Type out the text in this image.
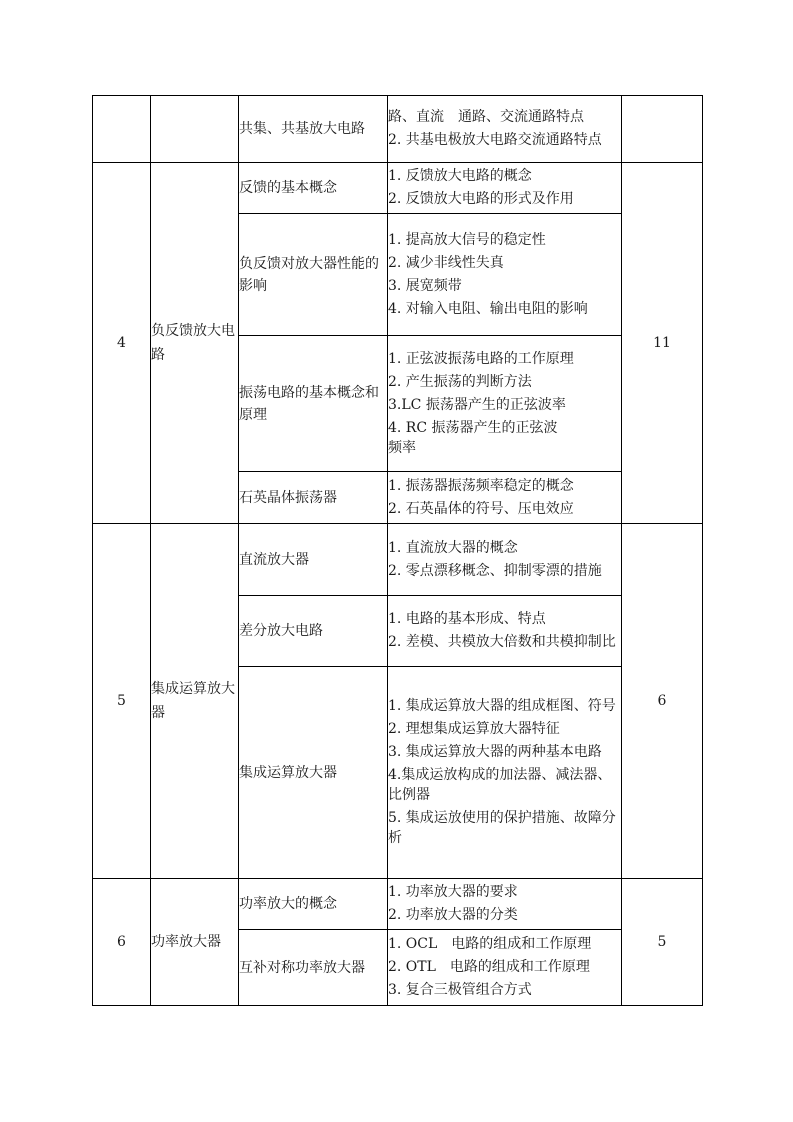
		共集、共基放大电路	路、直流　通路、交流通路特点

2. 共基电极放大电路交流通路特点	

4	负反馈放大电路	反馈的基本概念	1. 反馈放大电路的概念

2. 反馈放大电路的形式及作用	11
		负反馈对放大器性能的影响	1. 提高放大信号的稳定性

2. 减少非线性失真

3. 展宽频带

4. 对输入电阻、输出电阻的影响	

		振荡电路的基本概念和原理	1. 正弦波振荡电路的工作原理

2. 产生振荡的判断方法

3.LC 振荡器产生的正弦波率

4. RC 振荡器产生的正弦波频率	

		石英晶体振荡器	1. 振荡器振荡频率稳定的概念

2. 石英晶体的符号、压电效应	

5	集成运算放大器	直流放大器	1. 直流放大器的概念

2. 零点漂移概念、抑制零漂的措施	6
		差分放大电路	1. 电路的基本形成、特点

2. 差模、共模放大倍数和共模抑制比	

		集成运算放大器	1. 集成运算放大器的组成框图、符号

2. 理想集成运算放大器特征

3. 集成运算放大器的两种基本电路

4.集成运放构成的加法器、减法器、 比例器

5. 集成运放使用的保护措施、故障分　析	

6	功率放大器	功率放大的概念	1. 功率放大器的要求

2. 功率放大器的分类	5
		互补对称功率放大器	1. OCL　电路的组成和工作原理

2. OTL　电路的组成和工作原理

3. 复合三极管组合方式	
